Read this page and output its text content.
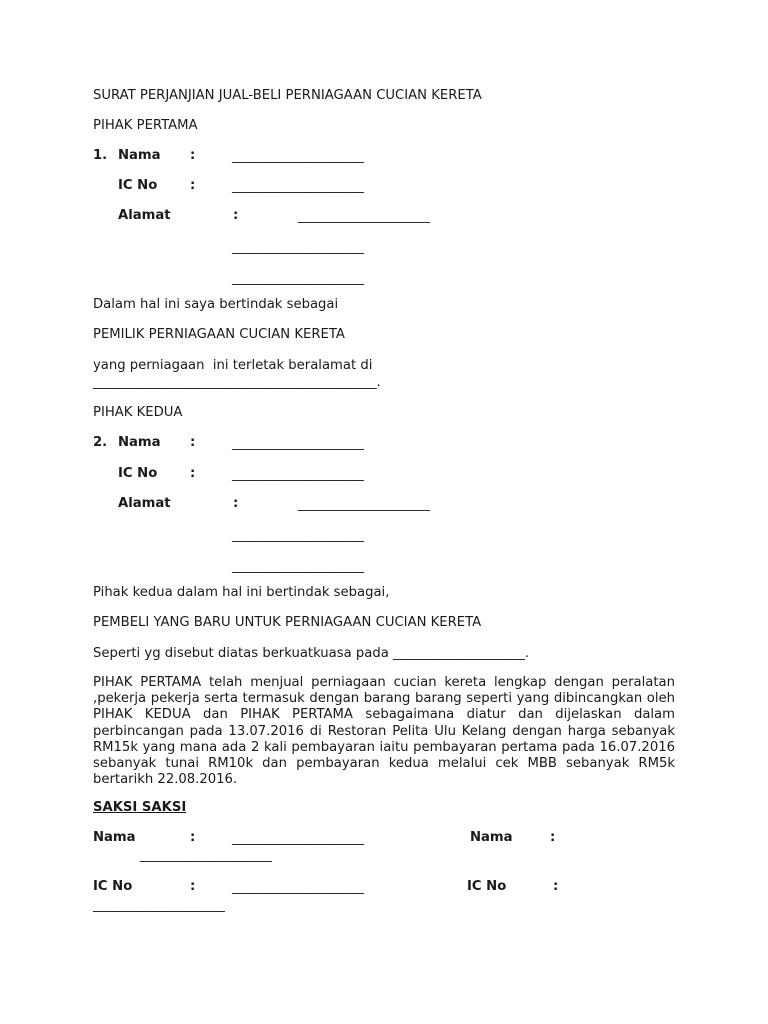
SURAT PERJANJIAN JUAL-BELI PERNIAGAAN CUCIAN KERETA
PIHAK PERTAMA
1. Nama :	____________________
IC No :	____________________
Alamat	:	____________________
____________________
____________________
Dalam hal ini saya bertindak sebagai
PEMILIK PERNIAGAAN CUCIAN KERETA
yang perniagaan  ini terletak beralamat di
___________________________________________.
PIHAK KEDUA
2. Nama :	____________________
IC No :	____________________
Alamat	:	____________________
____________________
____________________
Pihak kedua dalam hal ini bertindak sebagai,
PEMBELI YANG BARU UNTUK PERNIAGAAN CUCIAN KERETA
Seperti yg disebut diatas berkuatkuasa pada ____________________.

PIHAK PERTAMA telah menjual perniagaan cucian kereta lengkap dengan peralatan ,pekerja pekerja serta termasuk dengan barang barang seperti yang dibincangkan oleh PIHAK KEDUA dan PIHAK PERTAMA sebagaimana diatur dan dijelaskan dalam perbincangan pada 13.07.2016 di Restoran Pelita Ulu Kelang dengan harga sebanyak RM15k yang mana ada 2 kali pembayaran iaitu pembayaran pertama pada 16.07.2016 sebanyak tunai RM10k dan pembayaran kedua melalui cek MBB sebanyak RM5k bertarikh 22.08.2016.

SAKSI SAKSI
Nama	:	____________________	Nama	:
____________________
IC No	:	____________________	IC No	:
____________________
